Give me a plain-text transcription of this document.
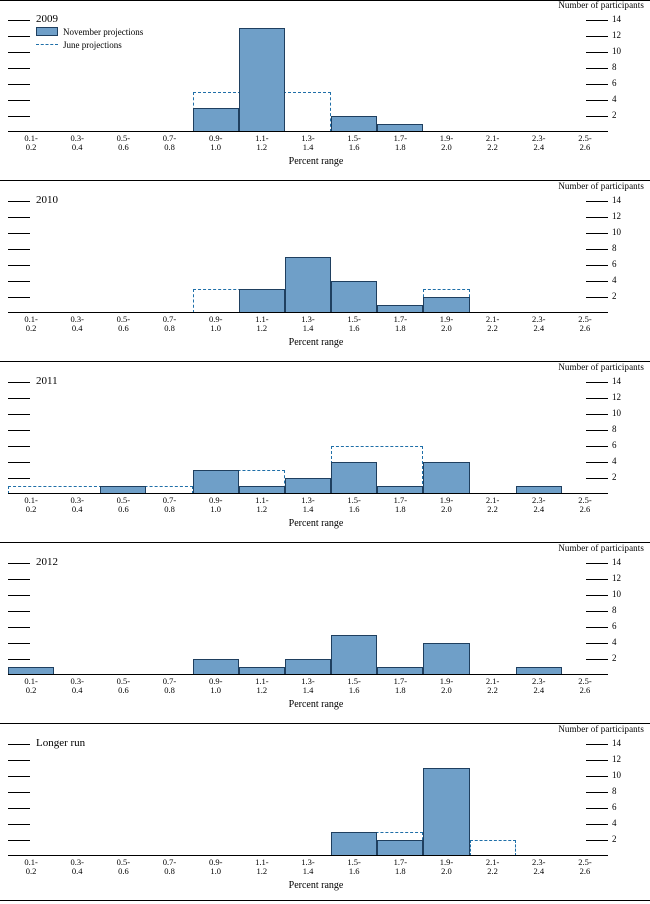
Number of participants
2
4
6
8
10
12
14
2009
November projections
June projections
0.1-
0.2
0.3-
0.4
0.5-
0.6
0.7-
0.8
0.9-
1.0
1.1-
1.2
1.3-
1.4
1.5-
1.6
1.7-
1.8
1.9-
2.0
2.1-
2.2
2.3-
2.4
2.5-
2.6
Percent range
Number of participants
2
4
6
8
10
12
14
2010
0.1-
0.2
0.3-
0.4
0.5-
0.6
0.7-
0.8
0.9-
1.0
1.1-
1.2
1.3-
1.4
1.5-
1.6
1.7-
1.8
1.9-
2.0
2.1-
2.2
2.3-
2.4
2.5-
2.6
Percent range
Number of participants
2
4
6
8
10
12
14
2011
0.1-
0.2
0.3-
0.4
0.5-
0.6
0.7-
0.8
0.9-
1.0
1.1-
1.2
1.3-
1.4
1.5-
1.6
1.7-
1.8
1.9-
2.0
2.1-
2.2
2.3-
2.4
2.5-
2.6
Percent range
Number of participants
2
4
6
8
10
12
14
2012
0.1-
0.2
0.3-
0.4
0.5-
0.6
0.7-
0.8
0.9-
1.0
1.1-
1.2
1.3-
1.4
1.5-
1.6
1.7-
1.8
1.9-
2.0
2.1-
2.2
2.3-
2.4
2.5-
2.6
Percent range
Number of participants
2
4
6
8
10
12
14
Longer run
0.1-
0.2
0.3-
0.4
0.5-
0.6
0.7-
0.8
0.9-
1.0
1.1-
1.2
1.3-
1.4
1.5-
1.6
1.7-
1.8
1.9-
2.0
2.1-
2.2
2.3-
2.4
2.5-
2.6
Percent range
